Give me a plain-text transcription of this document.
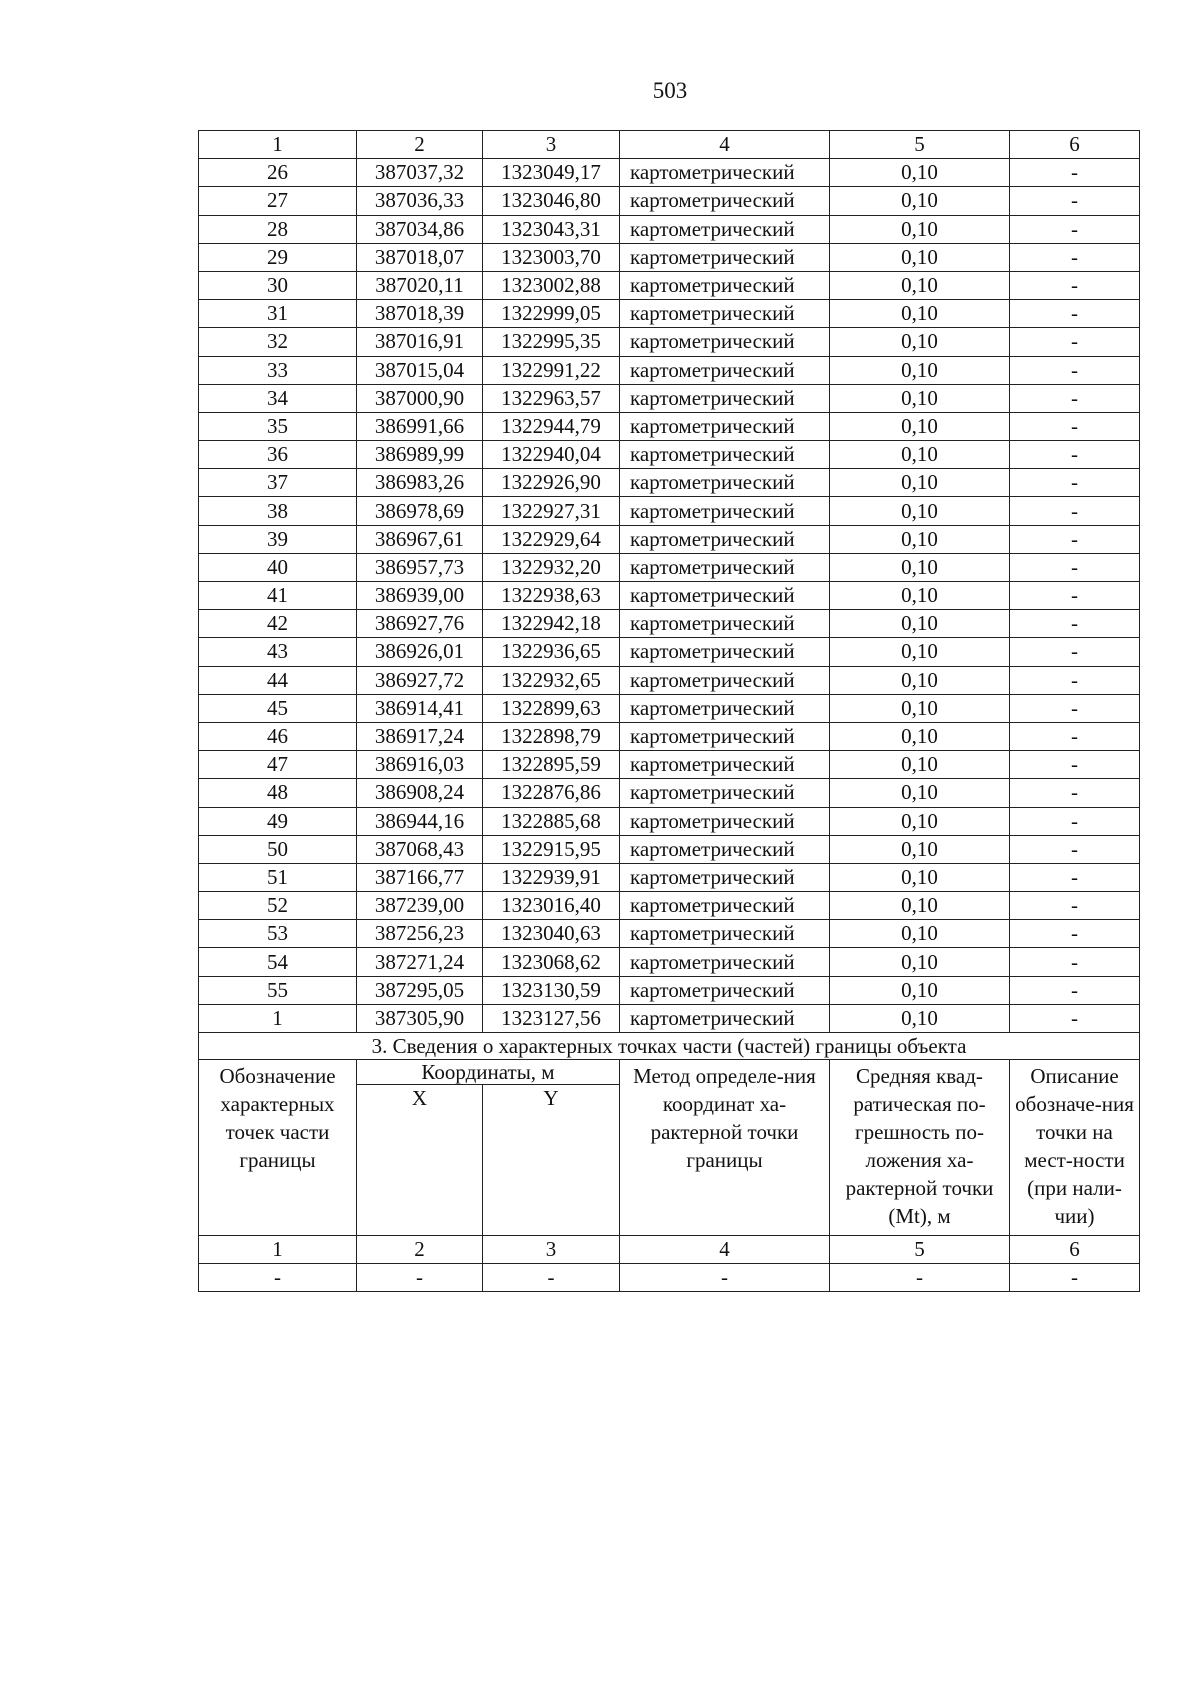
503
1	2	3	4	5	6
26	387037,32	1323049,17	картометрический	0,10	-
27	387036,33	1323046,80	картометрический	0,10	-
28	387034,86	1323043,31	картометрический	0,10	-
29	387018,07	1323003,70	картометрический	0,10	-
30	387020,11	1323002,88	картометрический	0,10	-
31	387018,39	1322999,05	картометрический	0,10	-
32	387016,91	1322995,35	картометрический	0,10	-
33	387015,04	1322991,22	картометрический	0,10	-
34	387000,90	1322963,57	картометрический	0,10	-
35	386991,66	1322944,79	картометрический	0,10	-
36	386989,99	1322940,04	картометрический	0,10	-
37	386983,26	1322926,90	картометрический	0,10	-
38	386978,69	1322927,31	картометрический	0,10	-
39	386967,61	1322929,64	картометрический	0,10	-
40	386957,73	1322932,20	картометрический	0,10	-
41	386939,00	1322938,63	картометрический	0,10	-
42	386927,76	1322942,18	картометрический	0,10	-
43	386926,01	1322936,65	картометрический	0,10	-
44	386927,72	1322932,65	картометрический	0,10	-
45	386914,41	1322899,63	картометрический	0,10	-
46	386917,24	1322898,79	картометрический	0,10	-
47	386916,03	1322895,59	картометрический	0,10	-
48	386908,24	1322876,86	картометрический	0,10	-
49	386944,16	1322885,68	картометрический	0,10	-
50	387068,43	1322915,95	картометрический	0,10	-
51	387166,77	1322939,91	картометрический	0,10	-
52	387239,00	1323016,40	картометрический	0,10	-
53	387256,23	1323040,63	картометрический	0,10	-
54	387271,24	1323068,62	картометрический	0,10	-
55	387295,05	1323130,59	картометрический	0,10	-
1	387305,90	1323127,56	картометрический	0,10	-
3. Сведения о характерных точках части (частей) границы объекта					
Обозначение характерных точек части границы	Координаты, м		Метод определе-ния координат ха-рактерной точки границы	Средняя квад-ратическая по-грешность по-ложения ха-рактерной точки (Mt), м	Описание обозначе-ния точки на мест-ности (при нали-чии)
	X	Y			
1	2	3	4	5	6
-	-	-	-	-	-
